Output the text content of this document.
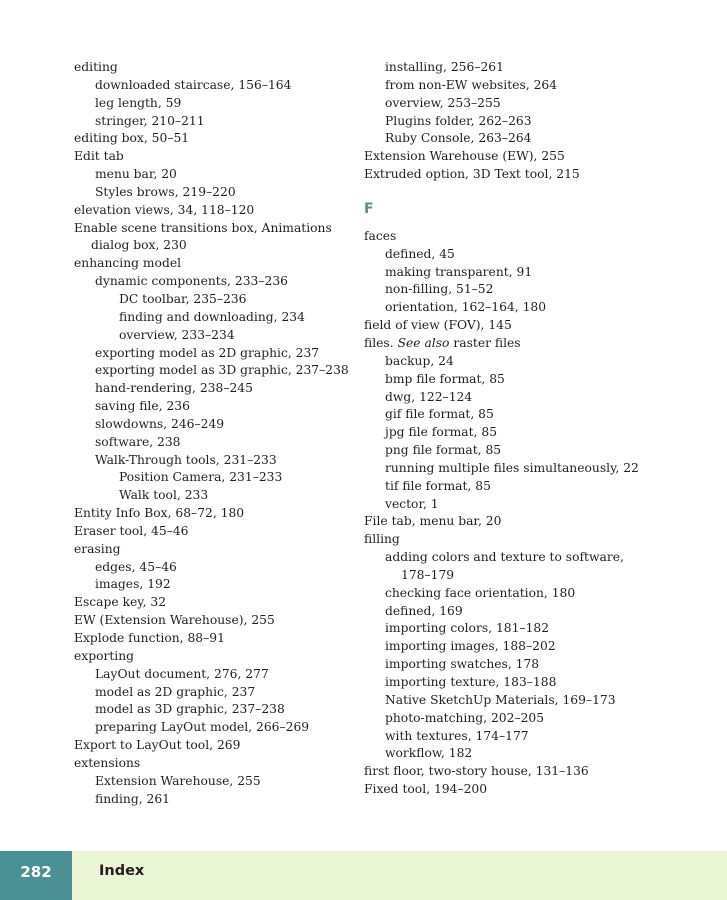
editing
downloaded staircase, 156–164
leg length, 59
stringer, 210–211
editing box, 50–51
Edit tab
menu bar, 20
Styles brows, 219–220
elevation views, 34, 118–120
Enable scene transitions box, Animations
dialog box, 230
enhancing model
dynamic components, 233–236
DC toolbar, 235–236
finding and downloading, 234
overview, 233–234
exporting model as 2D graphic, 237
exporting model as 3D graphic, 237–238
hand-rendering, 238–245
saving file, 236
slowdowns, 246–249
software, 238
Walk-Through tools, 231–233
Position Camera, 231–233
Walk tool, 233
Entity Info Box, 68–72, 180
Eraser tool, 45–46
erasing
edges, 45–46
images, 192
Escape key, 32
EW (Extension Warehouse), 255
Explode function, 88–91
exporting
LayOut document, 276, 277
model as 2D graphic, 237
model as 3D graphic, 237–238
preparing LayOut model, 266–269
Export to LayOut tool, 269
extensions
Extension Warehouse, 255
finding, 261
installing, 256–261
from non-EW websites, 264
overview, 253–255
Plugins folder, 262–263
Ruby Console, 263–264
Extension Warehouse (EW), 255
Extruded option, 3D Text tool, 215
F
faces
defined, 45
making transparent, 91
non-filling, 51–52
orientation, 162–164, 180
field of view (FOV), 145
files. See also raster files
backup, 24
bmp file format, 85
dwg, 122–124
gif file format, 85
jpg file format, 85
png file format, 85
running multiple files simultaneously, 22
tif file format, 85
vector, 1
File tab, menu bar, 20
filling
adding colors and texture to software,
178–179
checking face orientation, 180
defined, 169
importing colors, 181–182
importing images, 188–202
importing swatches, 178
importing texture, 183–188
Native SketchUp Materials, 169–173
photo-matching, 202–205
with textures, 174–177
workflow, 182
first floor, two-story house, 131–136
Fixed tool, 194–200
282	Index
